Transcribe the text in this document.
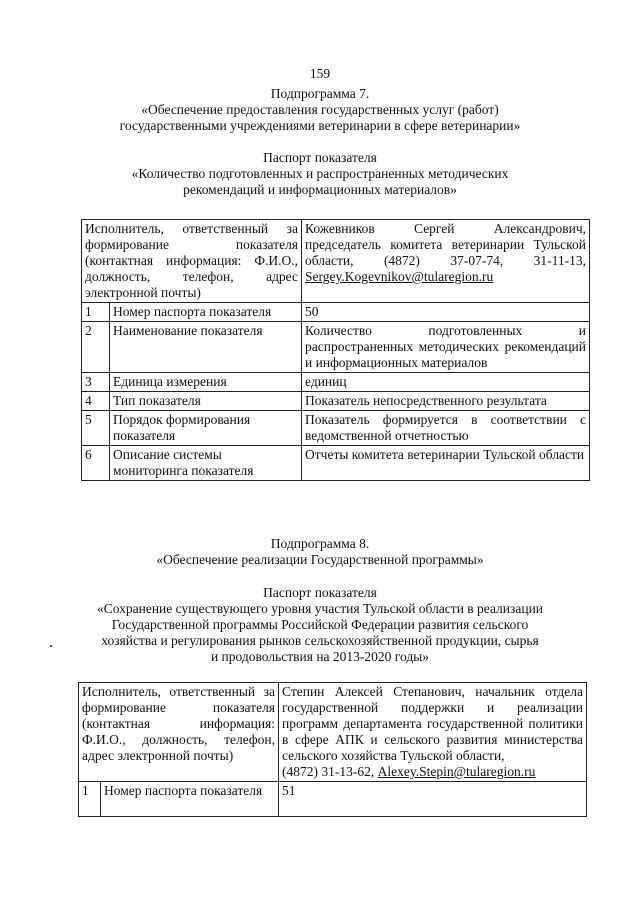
159
Подпрограмма 7.
«Обеспечение предоставления государственных услуг (работ)
государственными учреждениями ветеринарии в сфере ветеринарии»
Паспорт показателя
«Количество подготовленных и распространенных методических
рекомендаций и информационных материалов»
Исполнитель, ответственный за формирование показателя (контактная информация: Ф.И.О., должность, телефон, адрес электронной почты)		Кожевников Сергей Александрович, председатель комитета ветеринарии Тульской области, (4872) 37-07-74, 31-11-13, Sergey.Kogevnikov@tularegion.ru
1	Номер паспорта показателя	50
2	Наименование показателя	Количество подготовленных и распространенных методических рекомендаций и информационных материалов
3	Единица измерения	единиц
4	Тип показателя	Показатель непосредственного результата
5	Порядок формирования показателя	Показатель формируется в соответствии с ведомственной отчетностью
6	Описание системы мониторинга показателя	Отчеты комитета ветеринарии Тульской области
Подпрограмма 8.
«Обеспечение реализации Государственной программы»
Паспорт показателя
«Сохранение существующего уровня участия Тульской области в реализации
Государственной программы Российской Федерации развития сельского
хозяйства и регулирования рынков сельскохозяйственной продукции, сырья
и продовольствия на 2013-2020 годы»
Исполнитель, ответственный за формирование показателя (контактная информация: Ф.И.О., должность, телефон, адрес электронной почты)		Степин Алексей Степанович, начальник отдела государственной поддержки и реализации программ департамента государственной политики в сфере АПК и сельского развития министерства сельского хозяйства Тульской области,
(4872) 31-13-62, Alexey.Stepin@tularegion.ru
1	Номер паспорта показателя	51
